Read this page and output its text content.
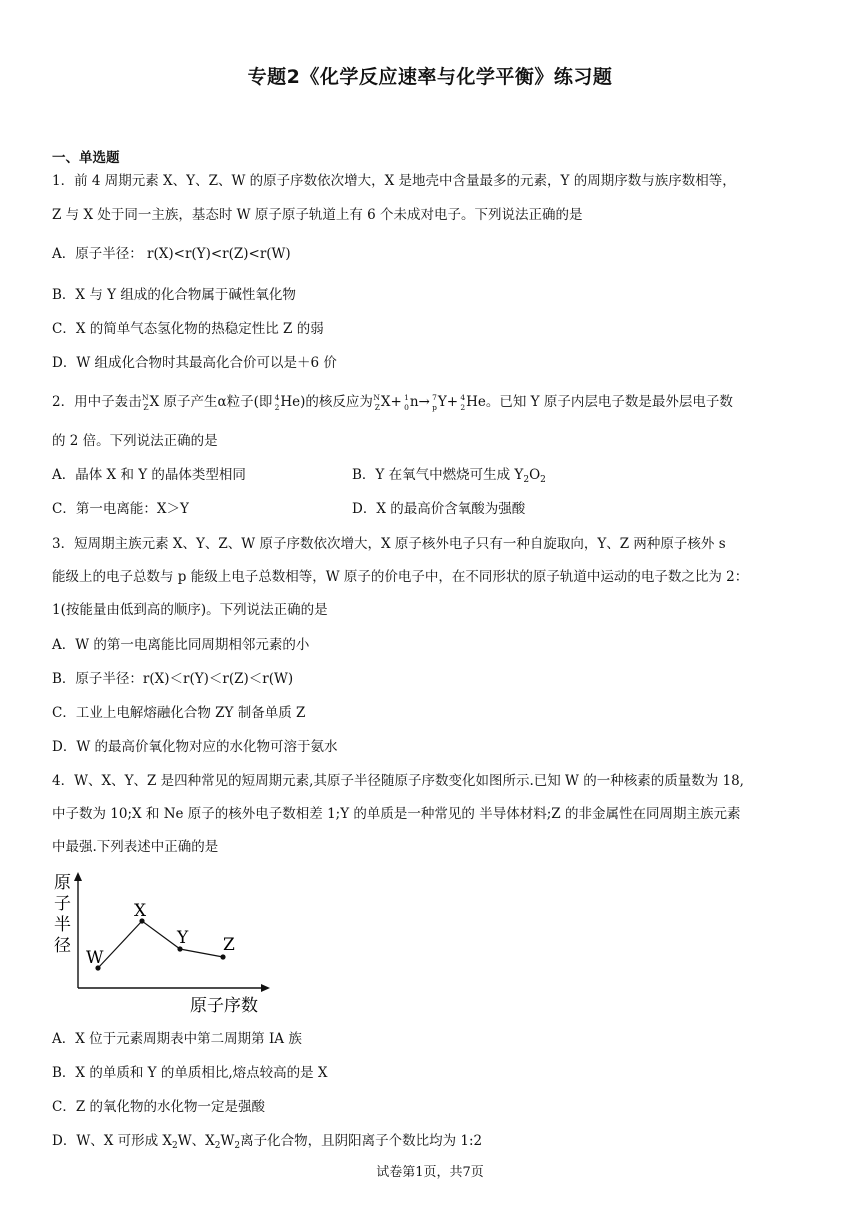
专题2《化学反应速率与化学平衡》练习题
一、单选题
1．前 4 周期元素 X、Y、Z、W 的原子序数依次增大，X 是地壳中含量最多的元素，Y 的周期序数与族序数相等，
Z 与 X 处于同一主族，基态时 W 原子原子轨道上有 6 个未成对电子。下列说法正确的是
A．原子半径： r(X)<r(Y)<r(Z)<r(W)
B．X 与 Y 组成的化合物属于碱性氧化物
C．X 的简单气态氢化物的热稳定性比 Z 的弱
D．W 组成化合物时其最高化合价可以是＋6 价
2．用中子轰击 N
Z X 原子产生α粒子(即 4
2 He)的核反应为 N
Z X+ 1
0 n→ 7
p Y+ 4
2 He。已知 Y 原子内层电子数是最外层电子数
的 2 倍。下列说法正确的是
A．晶体 X 和 Y 的晶体类型相同	B．Y 在氧气中燃烧可生成 $Y_2O_2$
C．第一电离能：X＞Y	D．X 的最高价含氧酸为强酸
3．短周期主族元素 X、Y、Z、W 原子序数依次增大，X 原子核外电子只有一种自旋取向，Y、Z 两种原子核外 s
能级上的电子总数与 p 能级上电子总数相等，W 原子的价电子中，在不同形状的原子轨道中运动的电子数之比为 2：
1(按能量由低到高的顺序)。下列说法正确的是
A．W 的第一电离能比同周期相邻元素的小
B．原子半径：r(X)＜r(Y)＜r(Z)＜r(W)
C．工业上电解熔融化合物 ZY 制备单质 Z
D．W 的最高价氧化物对应的水化物可溶于氨水
4．W、X、Y、Z 是四种常见的短周期元素,其原子半径随原子序数变化如图所示.已知 W 的一种核素的质量数为 18,
中子数为 10;X 和 Ne 原子的核外电子数相差 1;Y 的单质是一种常见的 半导体材料;Z 的非金属性在同周期主族元素
中最强.下列表述中正确的是
W
X
Y Z
原
子
半
径
原子序数
A．X 位于元素周期表中第二周期第 IA 族
B．X 的单质和 Y 的单质相比,熔点较高的是 X
C．Z 的氧化物的水化物一定是强酸
D．W、X 可形成 $X_2W$、$X_2W_2$离子化合物，且阴阳离子个数比均为 1:2
试卷第1页，共7页
